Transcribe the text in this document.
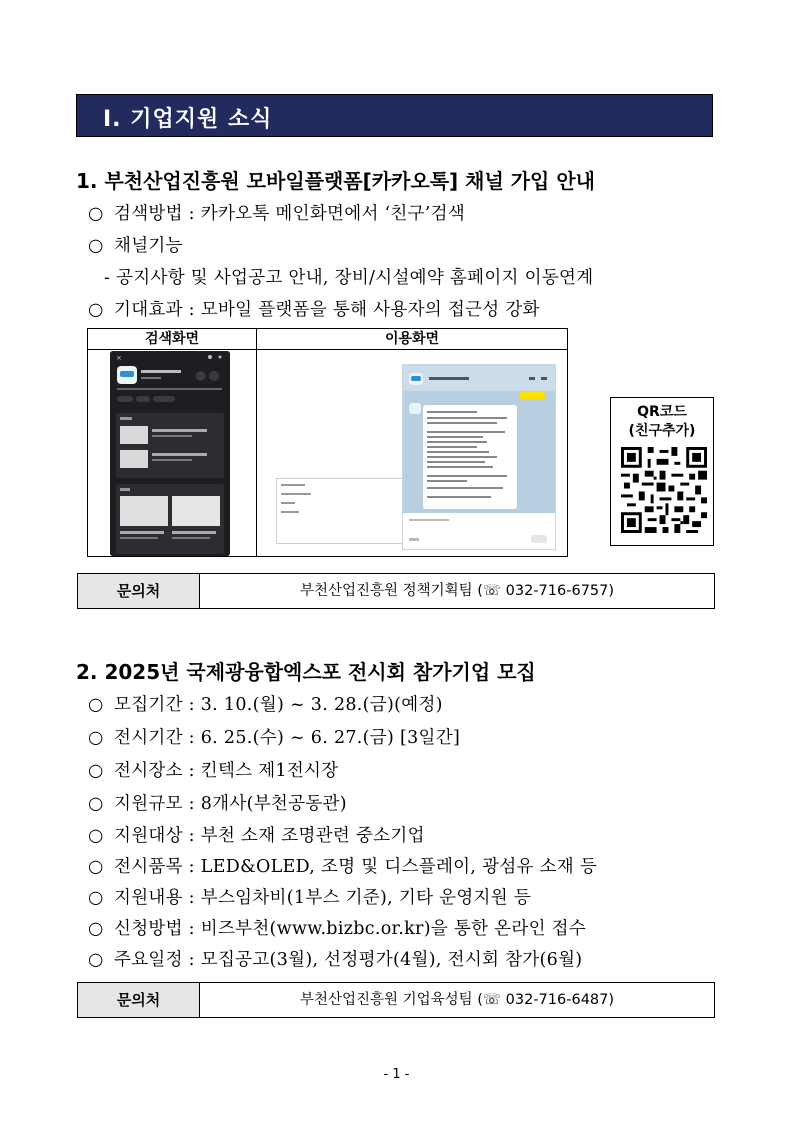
Ⅰ. 기업지원 소식
1. 부천산업진흥원 모바일플랫폼[카카오톡] 채널 가입 안내
○ 검색방법 : 카카오톡 메인화면에서 ‘친구’검색
○ 채널기능
- 공지사항 및 사업공고 안내, 장비/시설예약 홈페이지 이동연계
○ 기대효과 : 모바일 플랫폼을 통해 사용자의 접근성 강화
검색화면	이용화면
×
QR코드
(친구추가)
문의처	부천산업진흥원 정책기획팀 (☏ 032-716-6757)
2. 2025년 국제광융합엑스포 전시회 참가기업 모집
○ 모집기간 : 3. 10.(월) ~ 3. 28.(금)(예정)
○ 전시기간 : 6. 25.(수) ~ 6. 27.(금) [3일간]
○ 전시장소 : 킨텍스 제1전시장
○ 지원규모 : 8개사(부천공동관)
○ 지원대상 : 부천 소재 조명관련 중소기업
○ 전시품목 : LED&OLED, 조명 및 디스플레이, 광섬유 소재 등
○ 지원내용 : 부스임차비(1부스 기준), 기타 운영지원 등
○ 신청방법 : 비즈부천(www.bizbc.or.kr)을 통한 온라인 접수
○ 주요일정 : 모집공고(3월), 선정평가(4월), 전시회 참가(6월)
문의처	부천산업진흥원 기업육성팀 (☏ 032-716-6487)
- 1 -
